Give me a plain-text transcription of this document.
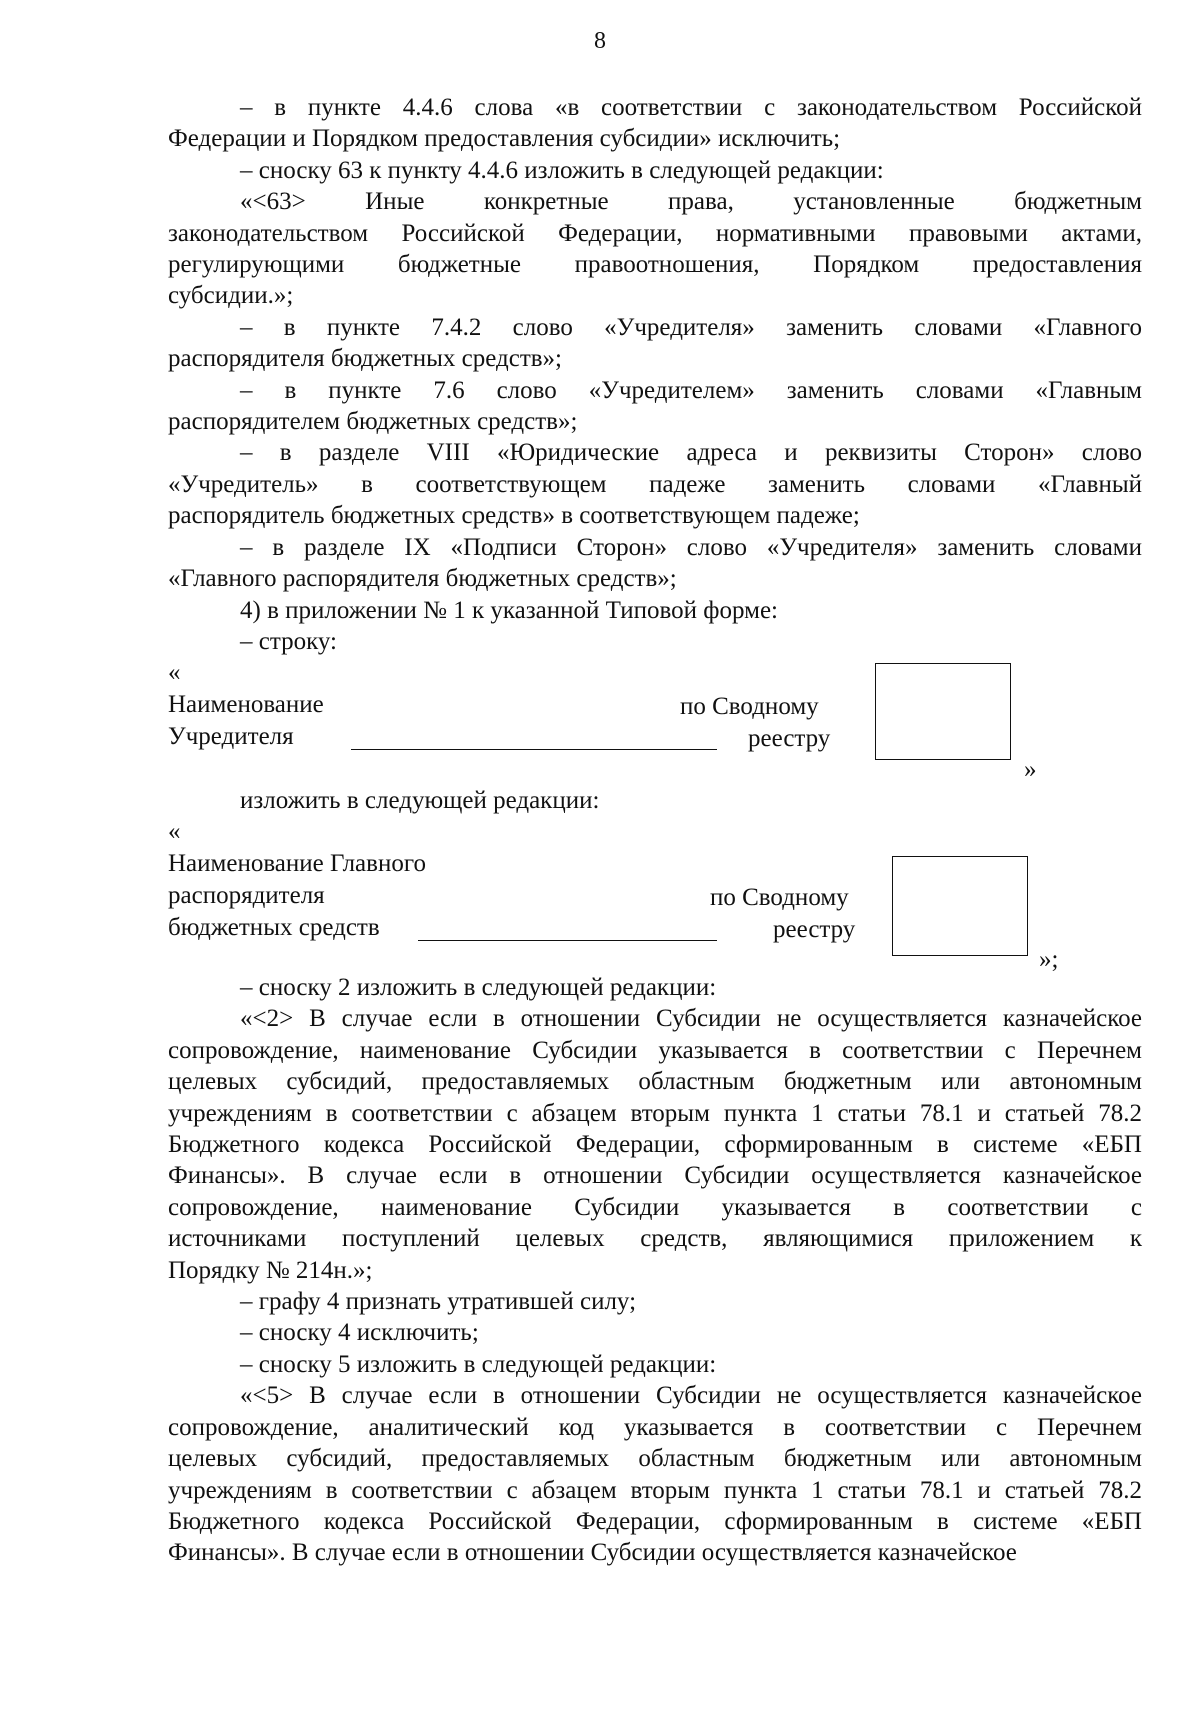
8
– в пункте 4.4.6 слова «в соответствии с законодательством Российской
Федерации и Порядком предоставления субсидии» исключить;
– сноску 63 к пункту 4.4.6 изложить в следующей редакции:
«<63> Иные конкретные права, установленные бюджетным
законодательством Российской Федерации, нормативными правовыми актами,
регулирующими бюджетные правоотношения, Порядком предоставления
субсидии.»;
– в пункте 7.4.2 слово «Учредителя» заменить словами «Главного
распорядителя бюджетных средств»;
– в пункте 7.6 слово «Учредителем» заменить словами «Главным
распорядителем бюджетных средств»;
– в разделе VIII «Юридические адреса и реквизиты Сторон» слово
«Учредитель» в соответствующем падеже заменить словами «Главный
распорядитель бюджетных средств» в соответствующем падеже;
– в разделе IX «Подписи Сторон» слово «Учредителя» заменить словами
«Главного распорядителя бюджетных средств»;
4) в приложении № 1 к указанной Типовой форме:
– строку:
«
Наименование
Учредителя
по Сводному
реестру
»
изложить в следующей редакции:
«
Наименование Главного
распорядителя
бюджетных средств
по Сводному
реестру
»;
– сноску 2 изложить в следующей редакции:
«<2> В случае если в отношении Субсидии не осуществляется казначейское
сопровождение, наименование Субсидии указывается в соответствии с Перечнем
целевых субсидий, предоставляемых областным бюджетным или автономным
учреждениям в соответствии с абзацем вторым пункта 1 статьи 78.1 и статьей 78.2
Бюджетного кодекса Российской Федерации, сформированным в системе «ЕБП
Финансы». В случае если в отношении Субсидии осуществляется казначейское
сопровождение, наименование Субсидии указывается в соответствии с
источниками поступлений целевых средств, являющимися приложением к
Порядку № 214н.»;
– графу 4 признать утратившей силу;
– сноску 4 исключить;
– сноску 5 изложить в следующей редакции:
«<5> В случае если в отношении Субсидии не осуществляется казначейское
сопровождение, аналитический код указывается в соответствии с Перечнем
целевых субсидий, предоставляемых областным бюджетным или автономным
учреждениям в соответствии с абзацем вторым пункта 1 статьи 78.1 и статьей 78.2
Бюджетного кодекса Российской Федерации, сформированным в системе «ЕБП
Финансы». В случае если в отношении Субсидии осуществляется казначейское
